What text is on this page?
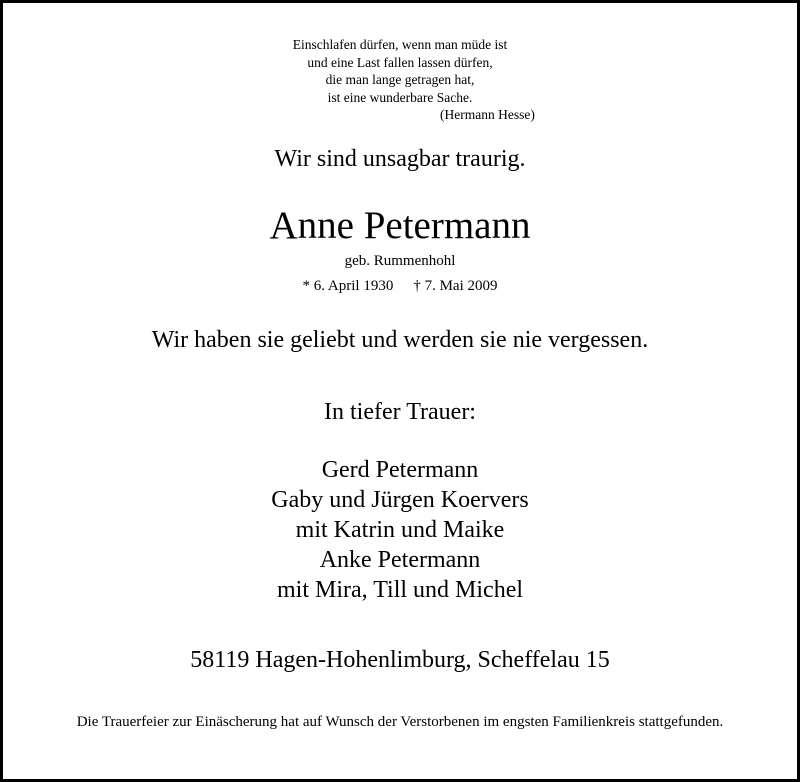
Einschlafen dürfen, wenn man müde ist
und eine Last fallen lassen dürfen,
die man lange getragen hat,
ist eine wunderbare Sache.
(Hermann Hesse)
Wir sind unsagbar traurig.
Anne Petermann
geb. Rummenhohl
* 6. April 1930 † 7. Mai 2009
Wir haben sie geliebt und werden sie nie vergessen.
In tiefer Trauer:
Gerd Petermann
Gaby und Jürgen Koervers
mit Katrin und Maike
Anke Petermann
mit Mira, Till und Michel
58119 Hagen-Hohenlimburg, Scheffelau 15
Die Trauerfeier zur Einäscherung hat auf Wunsch der Verstorbenen im engsten Familienkreis stattgefunden.
